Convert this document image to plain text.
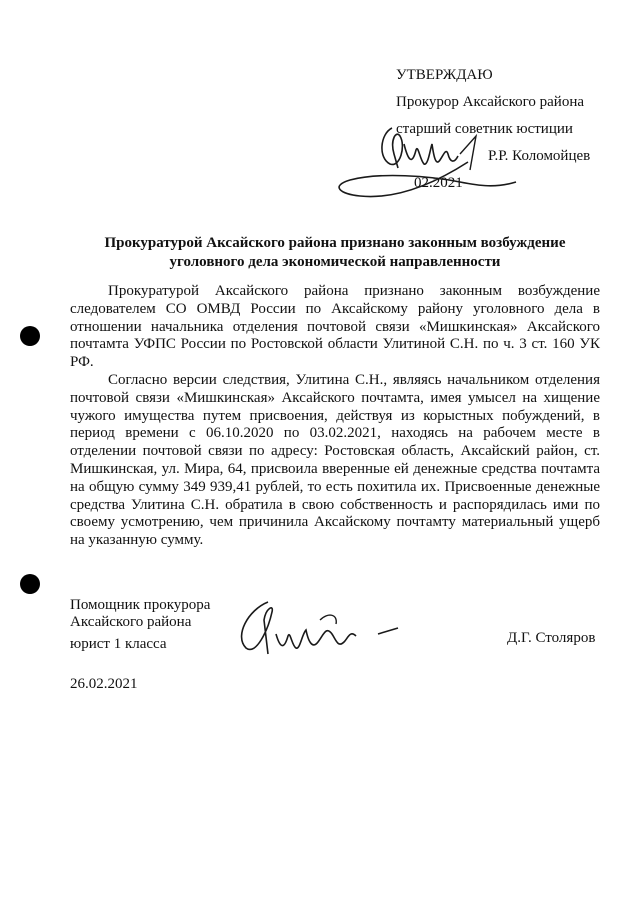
УТВЕРЖДАЮ
Прокурор Аксайского района
старший советник юстиции
Р.Р. Коломойцев
02.2021
Прокуратурой Аксайского района признано законным возбуждение
уголовного дела экономической направленности

Прокуратурой Аксайского района признано законным возбуждение следователем СО ОМВД России по Аксайскому району уголовного дела в отношении начальника отделения почтовой связи «Мишкинская» Аксайского почтамта УФПС России по Ростовской области Улитиной С.Н. по ч. 3 ст. 160 УК РФ.

Согласно версии следствия, Улитина С.Н., являясь начальником отделения почтовой связи «Мишкинская» Аксайского почтамта, имея умысел на хищение чужого имущества путем присвоения, действуя из корыстных побуждений, в период времени с 06.10.2020 по 03.02.2021, находясь на рабочем месте в отделении почтовой связи по адресу: Ростовская область, Аксайский район, ст. Мишкинская, ул. Мира, 64, присвоила вверенные ей денежные средства почтамта на общую сумму 349 939,41 рублей, то есть похитила их. Присвоенные денежные средства Улитина С.Н. обратила в свою собственность и распорядилась ими по своему усмотрению, чем причинила Аксайскому почтамту материальный ущерб на указанную сумму.

Помощник прокурора
Аксайского района
юрист 1 класса	Д.Г. Столяров
26.02.2021
